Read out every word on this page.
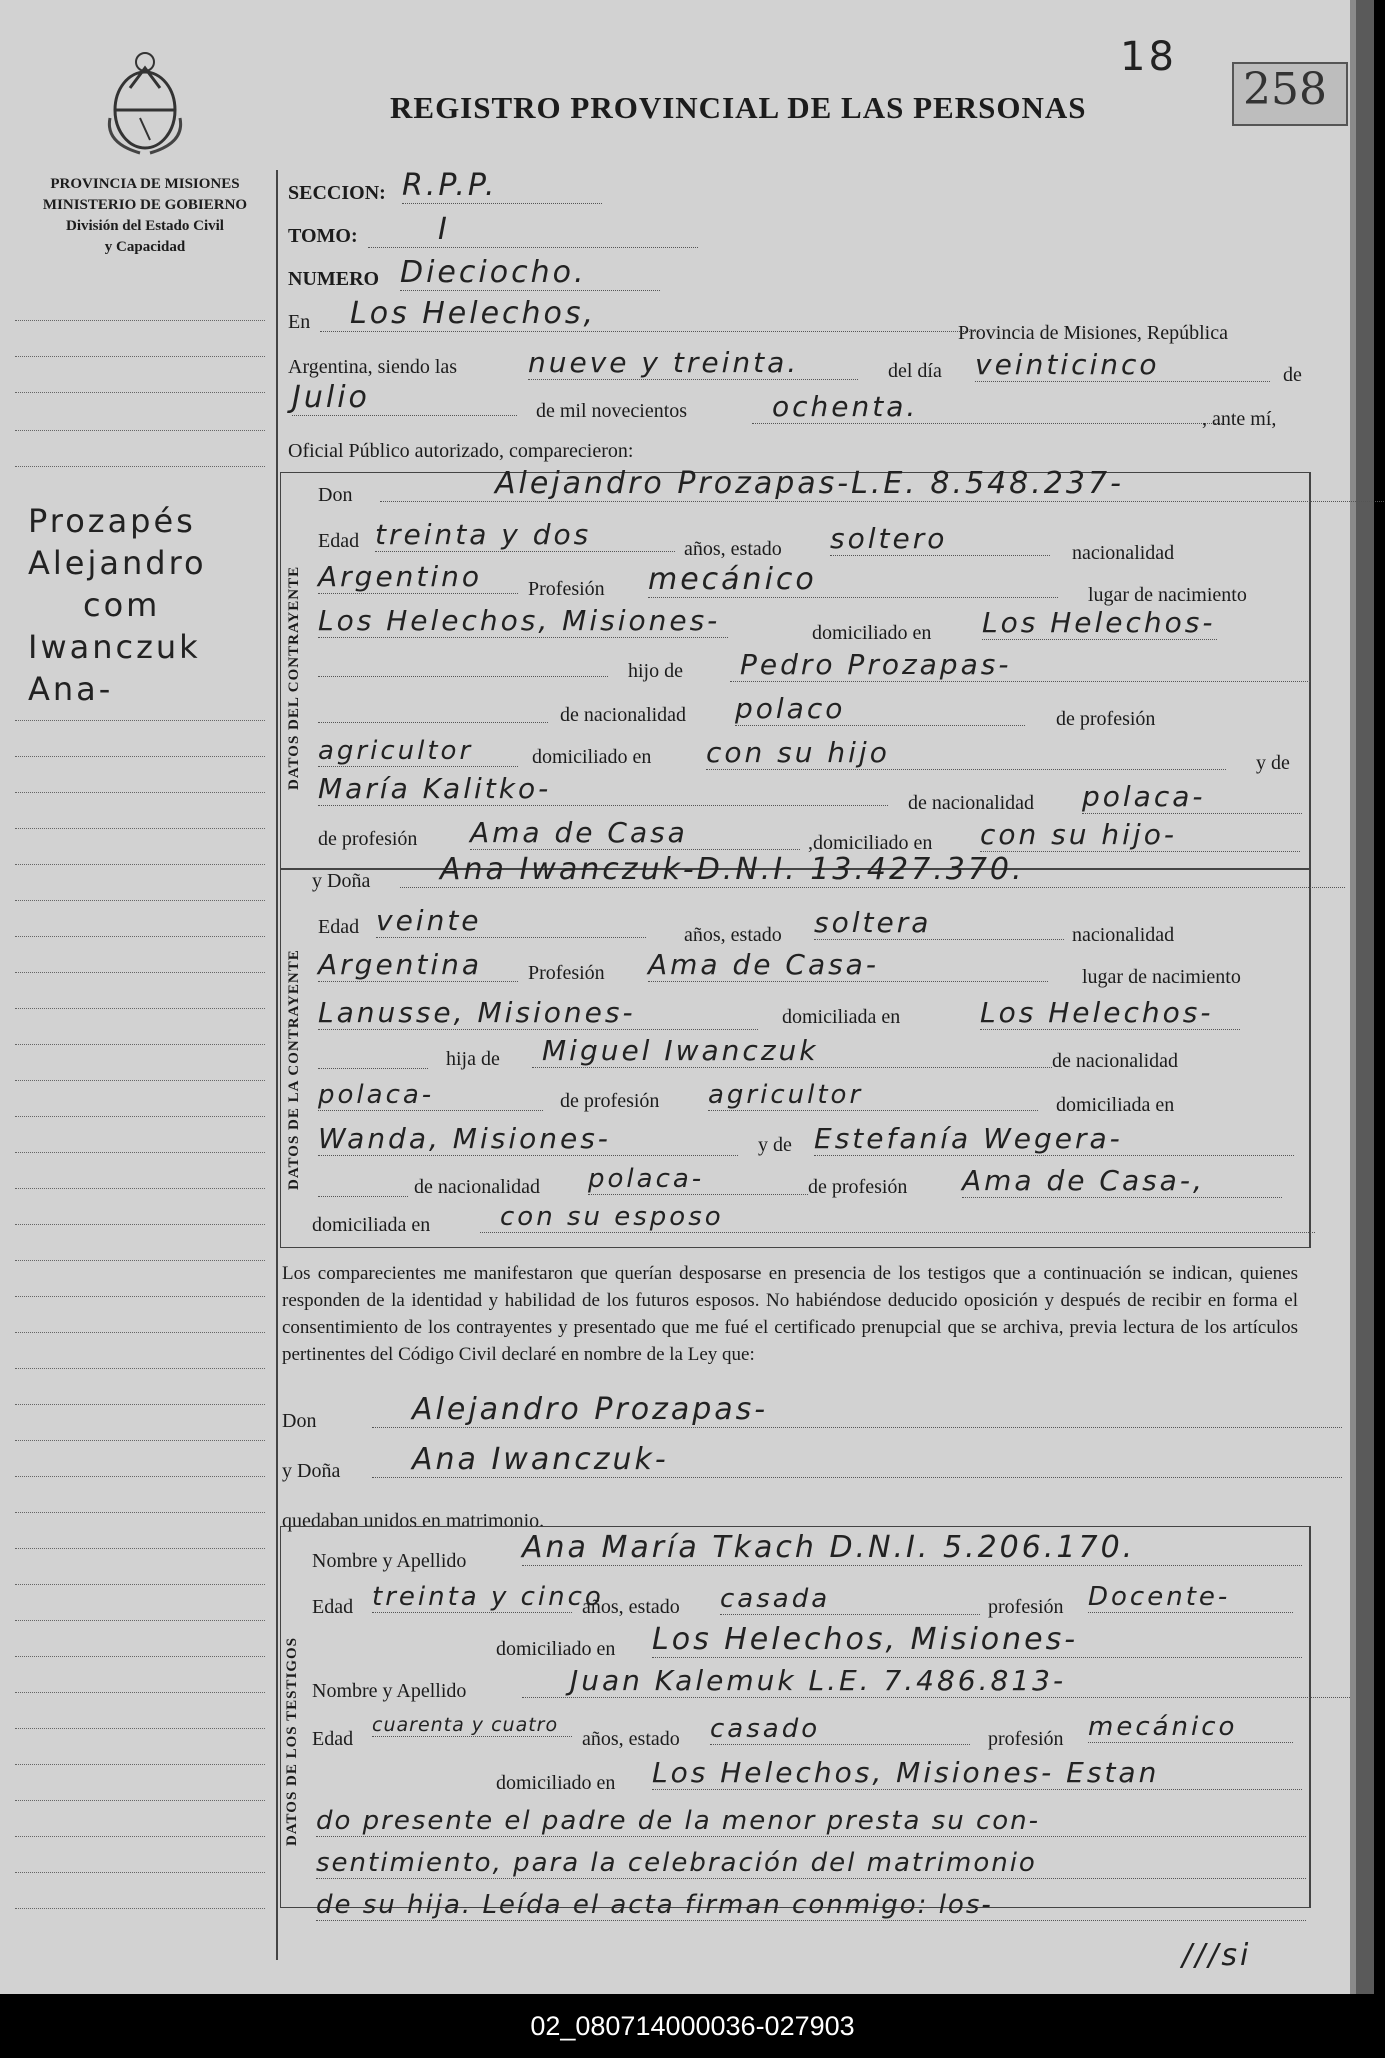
18
258
REGISTRO PROVINCIAL DE LAS PERSONAS
PROVINCIA DE MISIONES
MINISTERIO DE GOBIERNO
División del Estado Civil
y Capacidad
Prozapés
Alejandro
com
Iwanczuk
Ana-
SECCION: R.P.P.
TOMO:	I
NUMERO Dieciocho.
En	Los Helechos,
Provincia de Misiones, República
Argentina, siendo las	nueve y treinta.	del día veinticinco	de
Julio	de mil novecientos	ochenta.	, ante mí,
Oficial Público autorizado, comparecieron:
DATOS DEL CONTRAYENTE
Don	Alejandro Prozapas-L.E. 8.548.237-
Edad treinta y dos	años, estado soltero	nacionalidad
Argentino	Profesión mecánico	lugar de nacimiento
Los Helechos, Misiones-	domiciliado en Los Helechos-
hijo de	Pedro Prozapas-
de nacionalidad polaco	de profesión
agricultor	domiciliado en con su hijo	y de
María Kalitko-	de nacionalidad polaca-
de profesión Ama de Casa	,domiciliado en con su hijo-
DATOS DE LA CONTRAYENTE
y Doña	Ana Iwanczuk-D.N.I. 13.427.370.
Edad veinte	años, estado soltera	nacionalidad
Argentina	Profesión Ama de Casa-	lugar de nacimiento
Lanusse, Misiones-	domiciliada en	Los Helechos-
hija de	Miguel Iwanczuk	de nacionalidad
polaca-	de profesión agricultor	domiciliada en
Wanda, Misiones-	y de Estefanía Wegera-
de nacionalidad polaca-	de profesión Ama de Casa-,
domiciliada en	con su esposo
Los comparecientes me manifestaron que querían desposarse en presencia de los testigos que a continuación se indican, quienes responden de la identidad y habilidad de los futuros esposos. No habiéndose deducido oposición y después de recibir en forma el consentimiento de los contrayentes y presentado que me fué el certificado prenupcial que se archiva, previa lectura de los artículos pertinentes del Código Civil declaré en nombre de la Ley que:
Don	Alejandro Prozapas-
y Doña	Ana Iwanczuk-
quedaban unidos en matrimonio.
DATOS DE LOS TESTIGOS
Nombre y Apellido Ana María Tkach D.N.I. 5.206.170.
Edad treinta y cinco
años, estado casada	profesión Docente-
domiciliado en Los Helechos, Misiones-
Nombre y Apellido	Juan Kalemuk L.E. 7.486.813-
Edad
cuarenta y cuatro
años, estado casado	profesión mecánico
domiciliado en Los Helechos, Misiones- Estan
do presente el padre de la menor presta su con-
sentimiento, para la celebración del matrimonio
de su hija. Leída el acta firman conmigo: los-
///si
02_080714000036-027903
